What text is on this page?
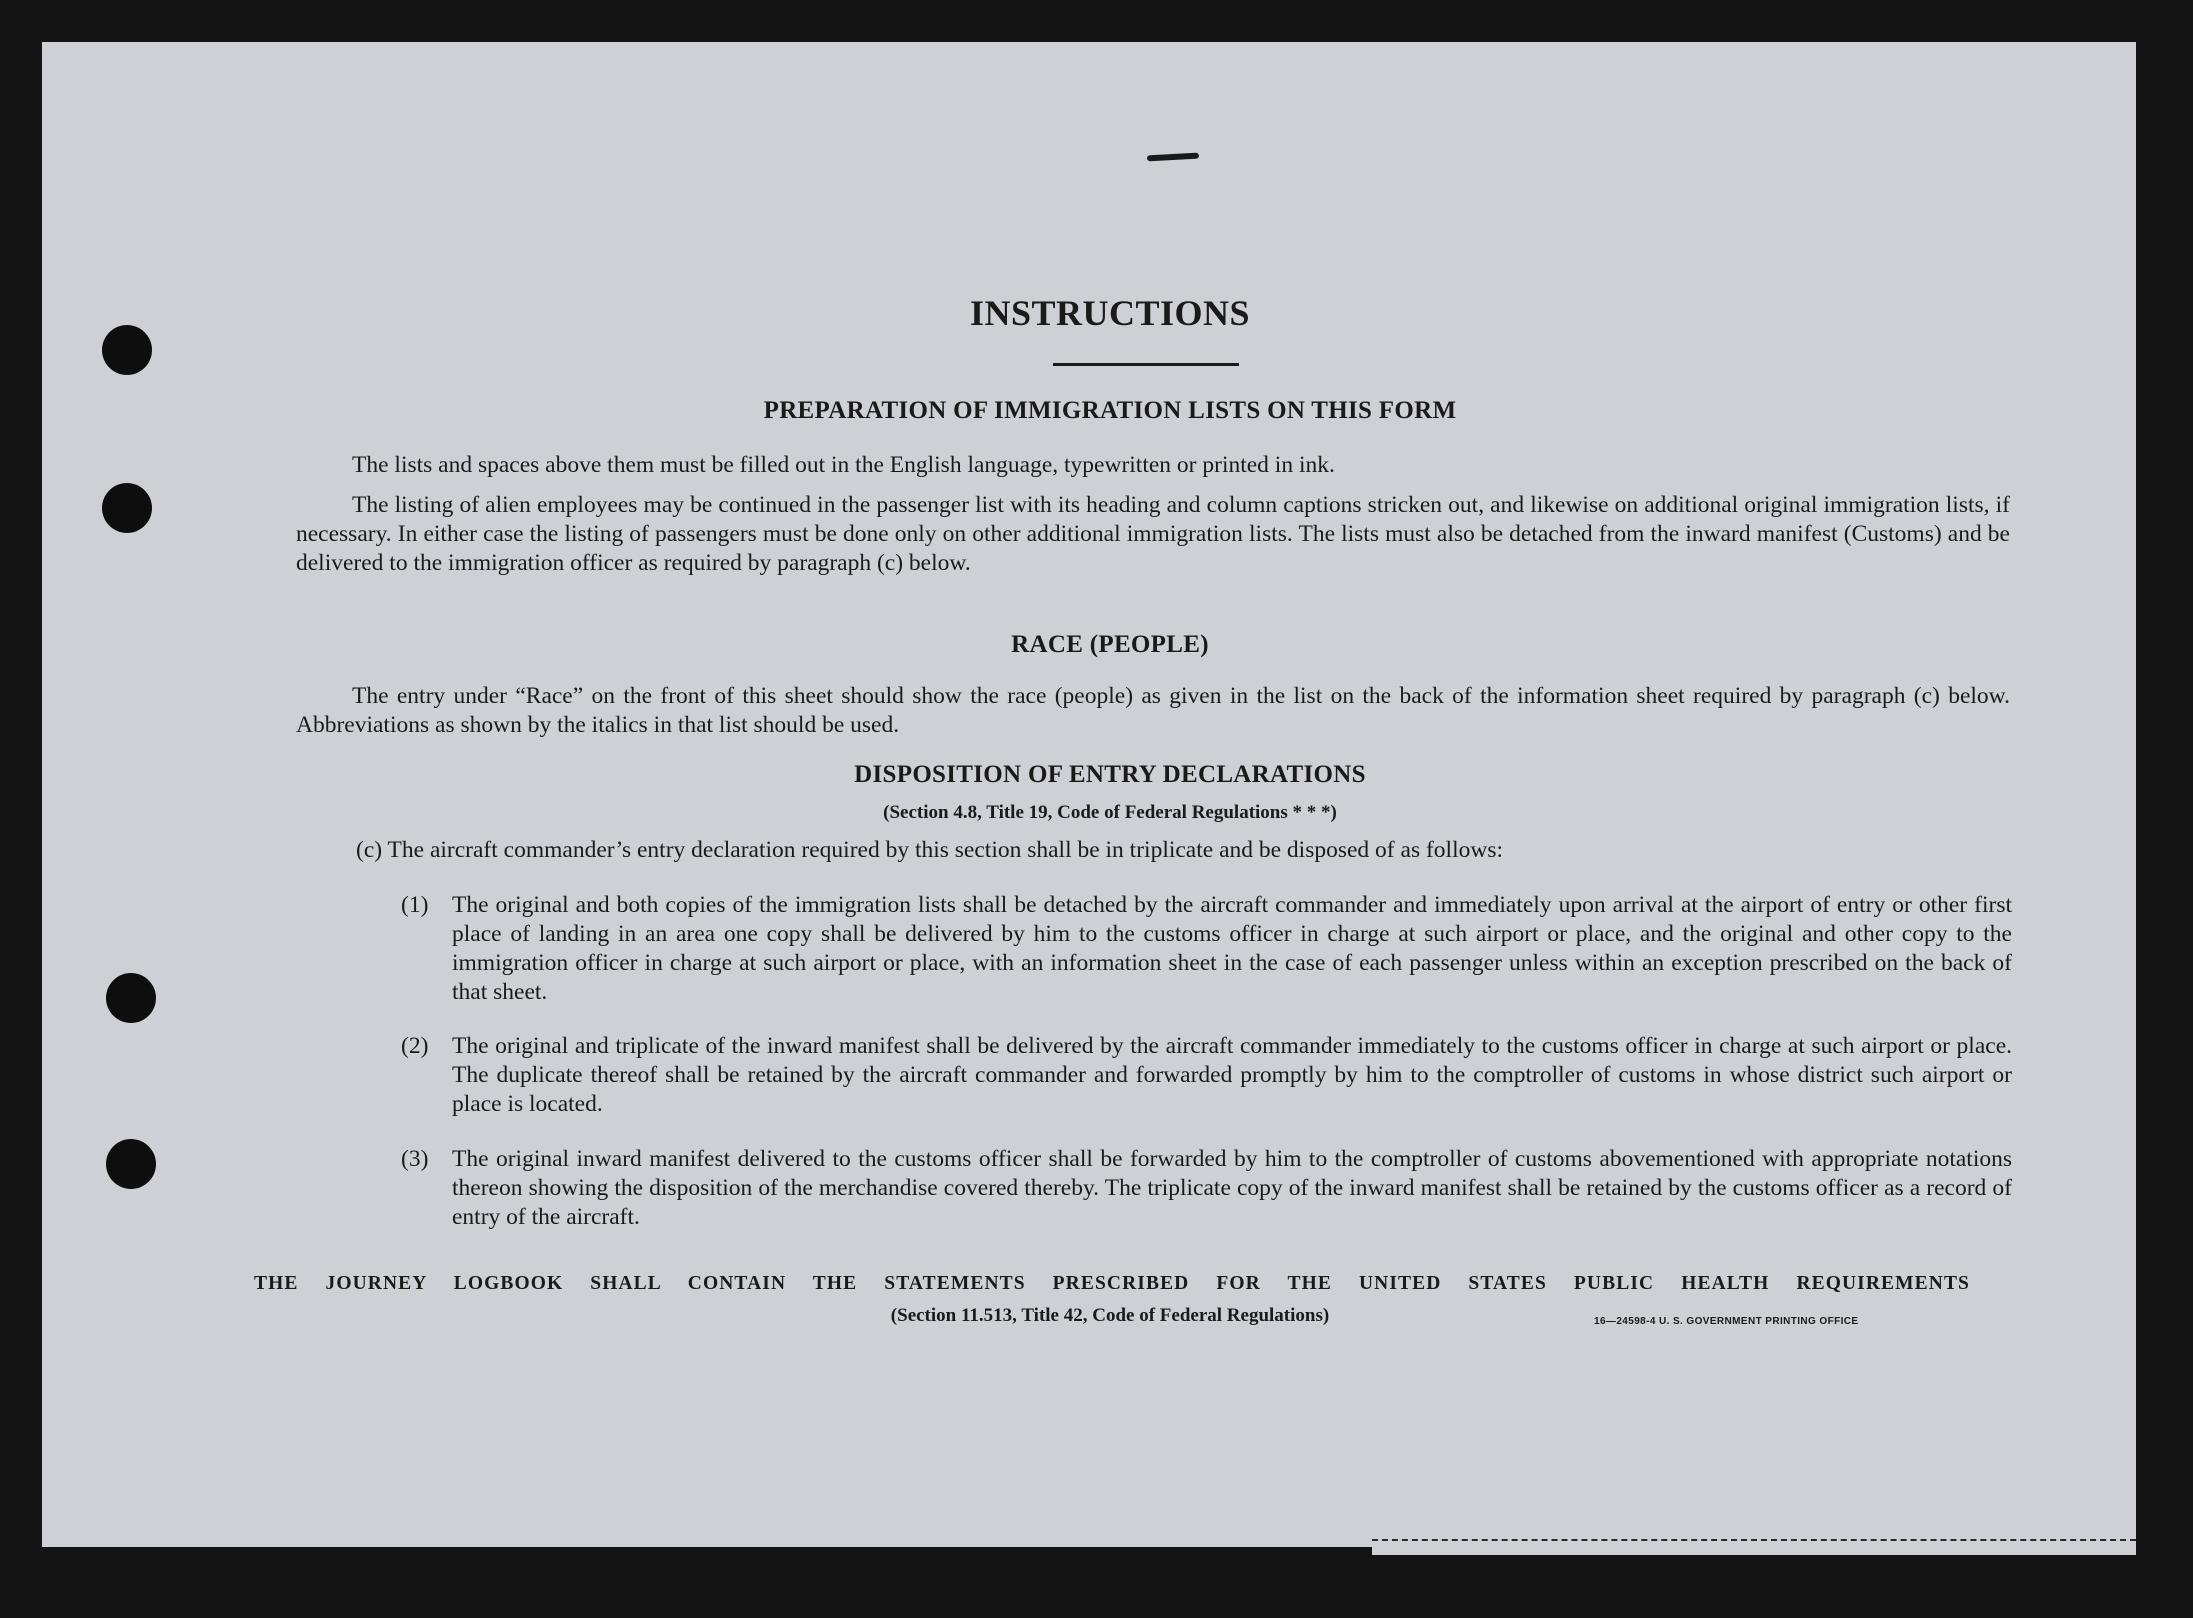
INSTRUCTIONS
PREPARATION OF IMMIGRATION LISTS ON THIS FORM
The lists and spaces above them must be filled out in the English language, typewritten or printed in ink.
The listing of alien employees may be continued in the passenger list with its heading and column captions stricken out, and likewise on additional original immigration lists, if necessary. In either case the listing of passengers must be done only on other additional immigration lists. The lists must also be detached from the inward manifest (Customs) and be delivered to the immigration officer as required by paragraph (c) below.
RACE (PEOPLE)
The entry under “Race” on the front of this sheet should show the race (people) as given in the list on the back of the information sheet required by paragraph (c) below. Abbreviations as shown by the italics in that list should be used.
DISPOSITION OF ENTRY DECLARATIONS
(Section 4.8, Title 19, Code of Federal Regulations * * *)
(c) The aircraft commander’s entry declaration required by this section shall be in triplicate and be disposed of as follows:
(1)	The original and both copies of the immigration lists shall be detached by the aircraft commander and immediately upon arrival at the airport of entry or other first place of landing in an area one copy shall be delivered by him to the customs officer in charge at such airport or place, and the original and other copy to the immigration officer in charge at such airport or place, with an information sheet in the case of each passenger unless within an exception prescribed on the back of that sheet.
(2)	The original and triplicate of the inward manifest shall be delivered by the aircraft commander immediately to the customs officer in charge at such airport or place. The duplicate thereof shall be retained by the aircraft commander and forwarded promptly by him to the comptroller of customs in whose district such airport or place is located.
(3)	The original inward manifest delivered to the customs officer shall be forwarded by him to the comptroller of customs abovementioned with appropriate notations thereon showing the disposition of the merchandise covered thereby. The triplicate copy of the inward manifest shall be retained by the customs officer as a record of entry of the aircraft.
THE JOURNEY LOGBOOK SHALL CONTAIN THE STATEMENTS PRESCRIBED FOR THE UNITED STATES PUBLIC HEALTH REQUIREMENTS
(Section 11.513, Title 42, Code of Federal Regulations)	16—24598-4 U. S. GOVERNMENT PRINTING OFFICE
